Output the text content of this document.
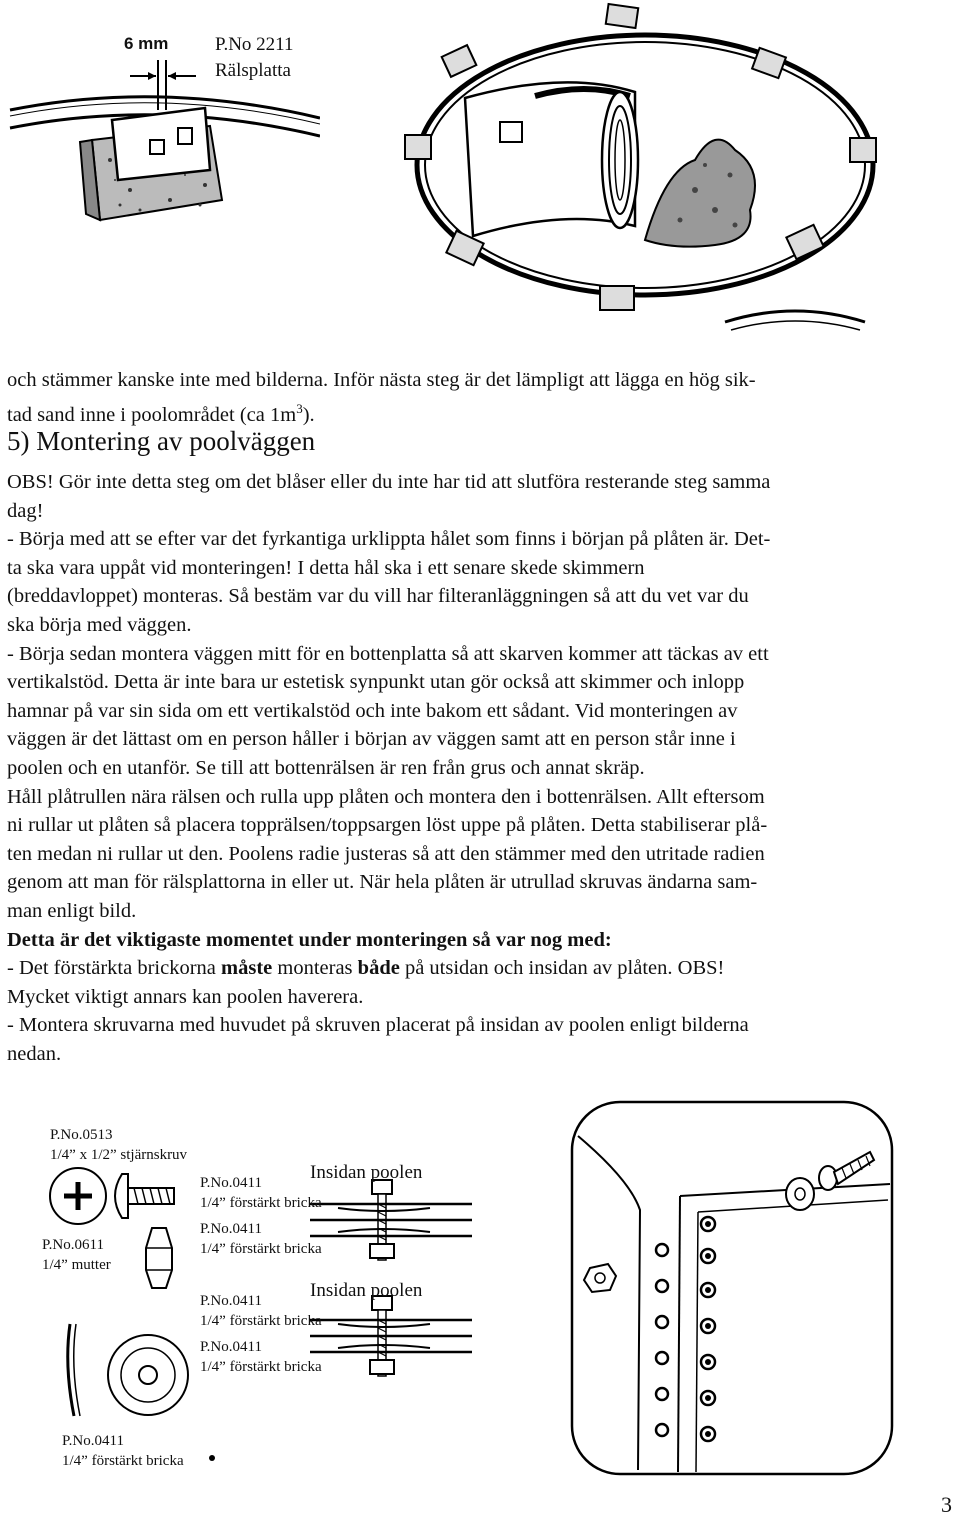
6 mm P.No 2211
Rälsplatta
och stämmer kanske inte med bilderna. Inför nästa steg är det lämpligt att lägga en hög sik-
tad sand inne i poolområdet (ca $1m^3$).
5) Montering av poolväggen
OBS! Gör inte detta steg om det blåser eller du inte har tid att slutföra resterande steg samma
dag!
- Börja med att se efter var det fyrkantiga urklippta hålet som finns i början på plåten är. Det-
ta ska vara uppåt vid monteringen! I detta hål ska i ett senare skede skimmern
(breddavloppet) monteras. Så bestäm var du vill har filteranläggningen så att du vet var du
ska börja med väggen.
- Börja sedan montera väggen mitt för en bottenplatta så att skarven kommer att täckas av ett
vertikalstöd. Detta är inte bara ur estetisk synpunkt utan gör också att skimmer och inlopp
hamnar på var sin sida om ett vertikalstöd och inte bakom ett sådant. Vid monteringen av
väggen är det lättast om en person håller i början av väggen samt att en person står inne i
poolen och en utanför. Se till att bottenrälsen är ren från grus och annat skräp.
Håll plåtrullen nära rälsen och rulla upp plåten och montera den i bottenrälsen. Allt eftersom
ni rullar ut plåten så placera topprälsen/toppsargen löst uppe på plåten. Detta stabiliserar plå-
ten medan ni rullar ut den. Poolens radie justeras så att den stämmer med den utritade radien
genom att man för rälsplattorna in eller ut. När hela plåten är utrullad skruvas ändarna sam-
man enligt bild.
Detta är det viktigaste momentet under monteringen så var nog med:
- Det förstärkta brickorna måste monteras både på utsidan och insidan av plåten. OBS!
Mycket viktigt annars kan poolen haverera.
- Montera skruvarna med huvudet på skruven placerat på insidan av poolen enligt bilderna
nedan.
P.No.0513
1/4” x 1/2” stjärnskruv
P.No.0611
1/4” mutter
P.No.0411
1/4” förstärkt bricka
Insidan poolen
P.No.0411
1/4” förstärkt bricka
P.No.0411
1/4” förstärkt bricka
Insidan poolen
P.No.0411
1/4” förstärkt bricka
P.No.0411
1/4” förstärkt bricka
3
